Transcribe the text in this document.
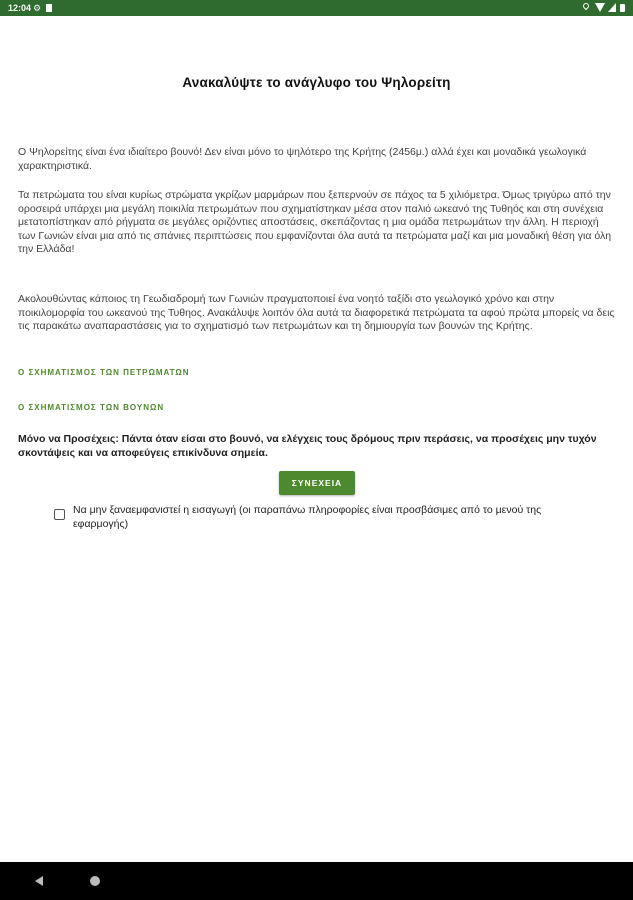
12:04 ⚙
Ανακαλύψτε το ανάγλυφο του Ψηλορείτη

Ο Ψηλορείτης είναι ένα ιδιαίτερο βουνό! Δεν είναι μόνο το ψηλότερο της Κρήτης (2456μ.) αλλά έχει και μοναδικά γεωλογικά χαρακτηριστικά.

Τα πετρώματα του είναι κυρίως στρώματα γκρίζων μαρμάρων που ξεπερνούν σε πάχος τα 5 χιλιόμετρα. Όμως τριγύρω από την οροσειρά υπάρχει μια μεγάλη ποικιλία πετρωμάτων που σχηματίστηκαν μέσα στον παλιό ωκεανό της Τυθηός και στη συνέχεια μετατοπίστηκαν από ρήγματα σε μεγάλες οριζόντιες αποστάσεις, σκεπάζοντας η μια ομάδα πετρωμάτων την άλλη. Η περιοχή των Γωνιών είναι μια από τις σπάνιες περιπτώσεις που εμφανίζονται όλα αυτά τα πετρώματα μαζί και μια μοναδική θέση για όλη την Ελλάδα!

Ακολουθώντας κάποιος τη Γεωδιαδρομή των Γωνιών πραγματοποιεί ένα νοητό ταξίδι στο γεωλογικό χρόνο και στην ποικιλομορφία του ωκεανού της Τυθηος. Ανακάλυψε λοιπόν όλα αυτά τα διαφορετικά πετρώματα τα αφού πρώτα μπορείς να δεις τις παρακάτω αναπαραστάσεις για το σχηματισμό των πετρωμάτων και τη δημιουργία των βουνών της Κρήτης.

Ο ΣΧΗΜΑΤΙΣΜΟΣ ΤΩΝ ΠΕΤΡΩΜΑΤΩΝ
Ο ΣΧΗΜΑΤΙΣΜΟΣ ΤΩΝ ΒΟΥΝΩΝ
Μόνο να Προσέχεις: Πάντα όταν είσαι στο βουνό, να ελέγχεις τους δρόμους πριν περάσεις, να προσέχεις μην τυχόν σκοντάψεις και να αποφεύγεις επικίνδυνα σημεία.
ΣΥΝΕΧΕΙΑ
Να μην ξαναεμφανιστεί η εισαγωγή (οι παραπάνω πληροφορίες είναι προσβάσιμες από το μενού της εφαρμογής)
